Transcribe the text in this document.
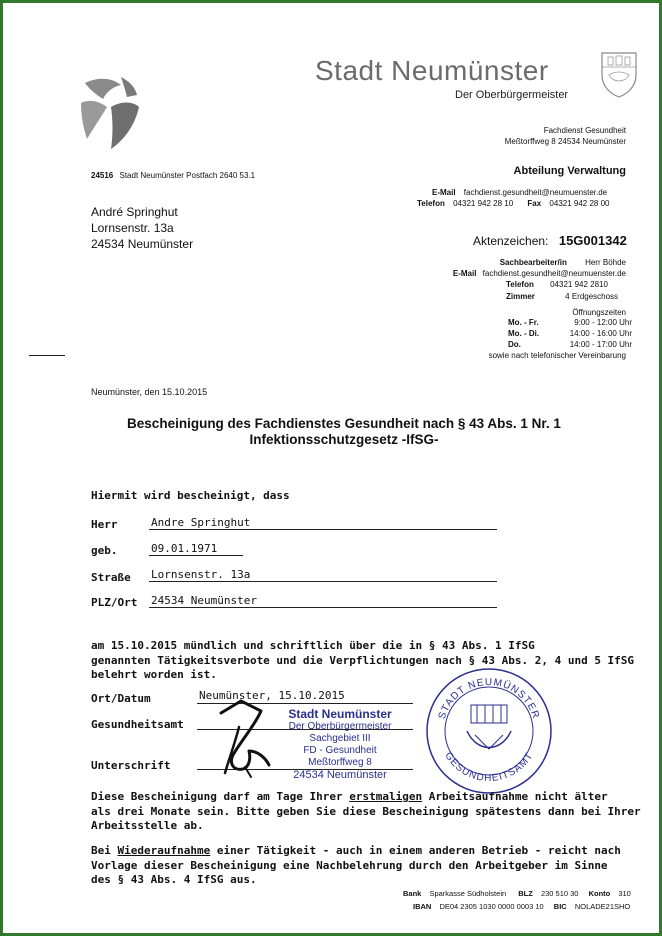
Stadt Neumünster
Der Oberbürgermeister
Fachdienst Gesundheit
Meßtorffweg 8 24534 Neumünster
Abteilung Verwaltung
E-Mail fachdienst.gesundheit@neumuenster.de
Telefon 04321 942 28 10 Fax 04321 942 28 00
24516 Stadt Neumünster Postfach 2640 53.1
André Springhut
Lornsenstr. 13a
24534 Neumünster	Aktenzeichen: 15G001342
Sachbearbeiter/in Herr Böhde
E-Mail fachdienst.gesundheit@neumuenster.de
Telefon 04321 942 2810
Zimmer	4 Erdgeschoss
Öffnungszeiten
Mo. - Fr.	9:00 - 12:00 Uhr
Mo. - Di.	14:00 - 16:00 Uhr
Do.	14:00 - 17:00 Uhr
sowie nach telefonischer Vereinbarung
Neumünster, den 15.10.2015
Bescheinigung des Fachdienstes Gesundheit nach § 43 Abs. 1 Nr. 1
Infektionsschutzgesetz -IfSG-
Hiermit wird bescheinigt, dass
Herr	Andre Springhut
geb.	09.01.1971
Straße Lornsenstr. 13a
PLZ/Ort 24534 Neumünster
am 15.10.2015 mündlich und schriftlich über die in § 43 Abs. 1 IfSG
genannten Tätigkeitsverbote und die Verpflichtungen nach § 43 Abs. 2, 4 und 5 IfSG
belehrt worden ist.
Ort/Datum	Neumünster, 15.10.2015
Gesundheitsamt
Unterschrift
Stadt Neumünster
Der Oberbürgermeister
Sachgebiet III
FD - Gesundheit
Meßtorffweg 8
24534 Neumünster
STADT NEUMÜNSTER
GESUNDHEITSAMT
Diese Bescheinigung darf am Tage Ihrer erstmaligen Arbeitsaufnahme nicht älter
als drei Monate sein. Bitte geben Sie diese Bescheinigung spätestens dann bei Ihrer
Arbeitsstelle ab.
Bei Wiederaufnahme einer Tätigkeit - auch in einem anderen Betrieb - reicht nach
Vorlage dieser Bescheinigung eine Nachbelehrung durch den Arbeitgeber im Sinne
des § 43 Abs. 4 IfSG aus.
Bank Sparkasse Südholstein BLZ 230 510 30 Konto 310
IBAN DE04 2305 1030 0000 0003 10 BIC NOLADE21SHO
